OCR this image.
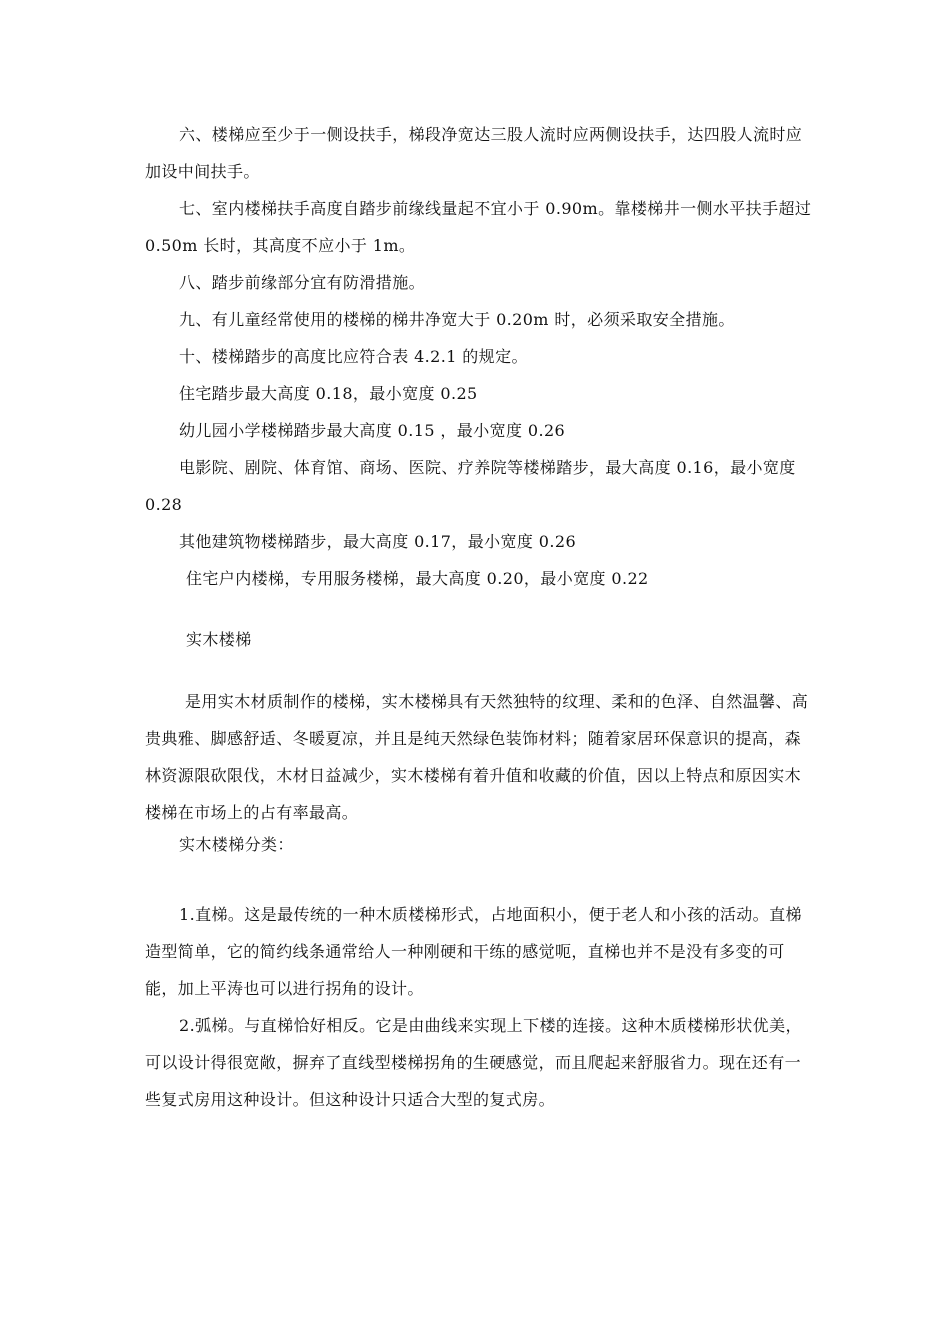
六、楼梯应至少于一侧设扶手，梯段净宽达三股人流时应两侧设扶手，达四股人流时应加设中间扶手。

七、室内楼梯扶手高度自踏步前缘线量起不宜小于 0.90m。靠楼梯井一侧水平扶手超过 0.50m 长时，其高度不应小于 1m。

八、踏步前缘部分宜有防滑措施。

九、有儿童经常使用的楼梯的梯井净宽大于 0.20m 时，必须采取安全措施。

十、楼梯踏步的高度比应符合表 4.2.1 的规定。

住宅踏步最大高度 0.18，最小宽度 0.25

幼儿园小学楼梯踏步最大高度 0.15 ，最小宽度 0.26

电影院、剧院、体育馆、商场、医院、疗养院等楼梯踏步，最大高度 0.16，最小宽度 0.28

其他建筑物楼梯踏步，最大高度 0.17，最小宽度 0.26

住宅户内楼梯，专用服务楼梯，最大高度 0.20，最小宽度 0.22

实木楼梯

是用实木材质制作的楼梯，实木楼梯具有天然独特的纹理、柔和的色泽、自然温馨、高贵典雅、脚感舒适、冬暖夏凉，并且是纯天然绿色装饰材料；随着家居环保意识的提高，森林资源限砍限伐，木材日益减少，实木楼梯有着升值和收藏的价值，因以上特点和原因实木楼梯在市场上的占有率最高。

实木楼梯分类：

1.直梯。这是最传统的一种木质楼梯形式，占地面积小，便于老人和小孩的活动。直梯造型简单，它的简约线条通常给人一种刚硬和干练的感觉呃，直梯也并不是没有多变的可能，加上平涛也可以进行拐角的设计。

2.弧梯。与直梯恰好相反。它是由曲线来实现上下楼的连接。这种木质楼梯形状优美，可以设计得很宽敞，摒弃了直线型楼梯拐角的生硬感觉，而且爬起来舒服省力。现在还有一些复式房用这种设计。但这种设计只适合大型的复式房。
